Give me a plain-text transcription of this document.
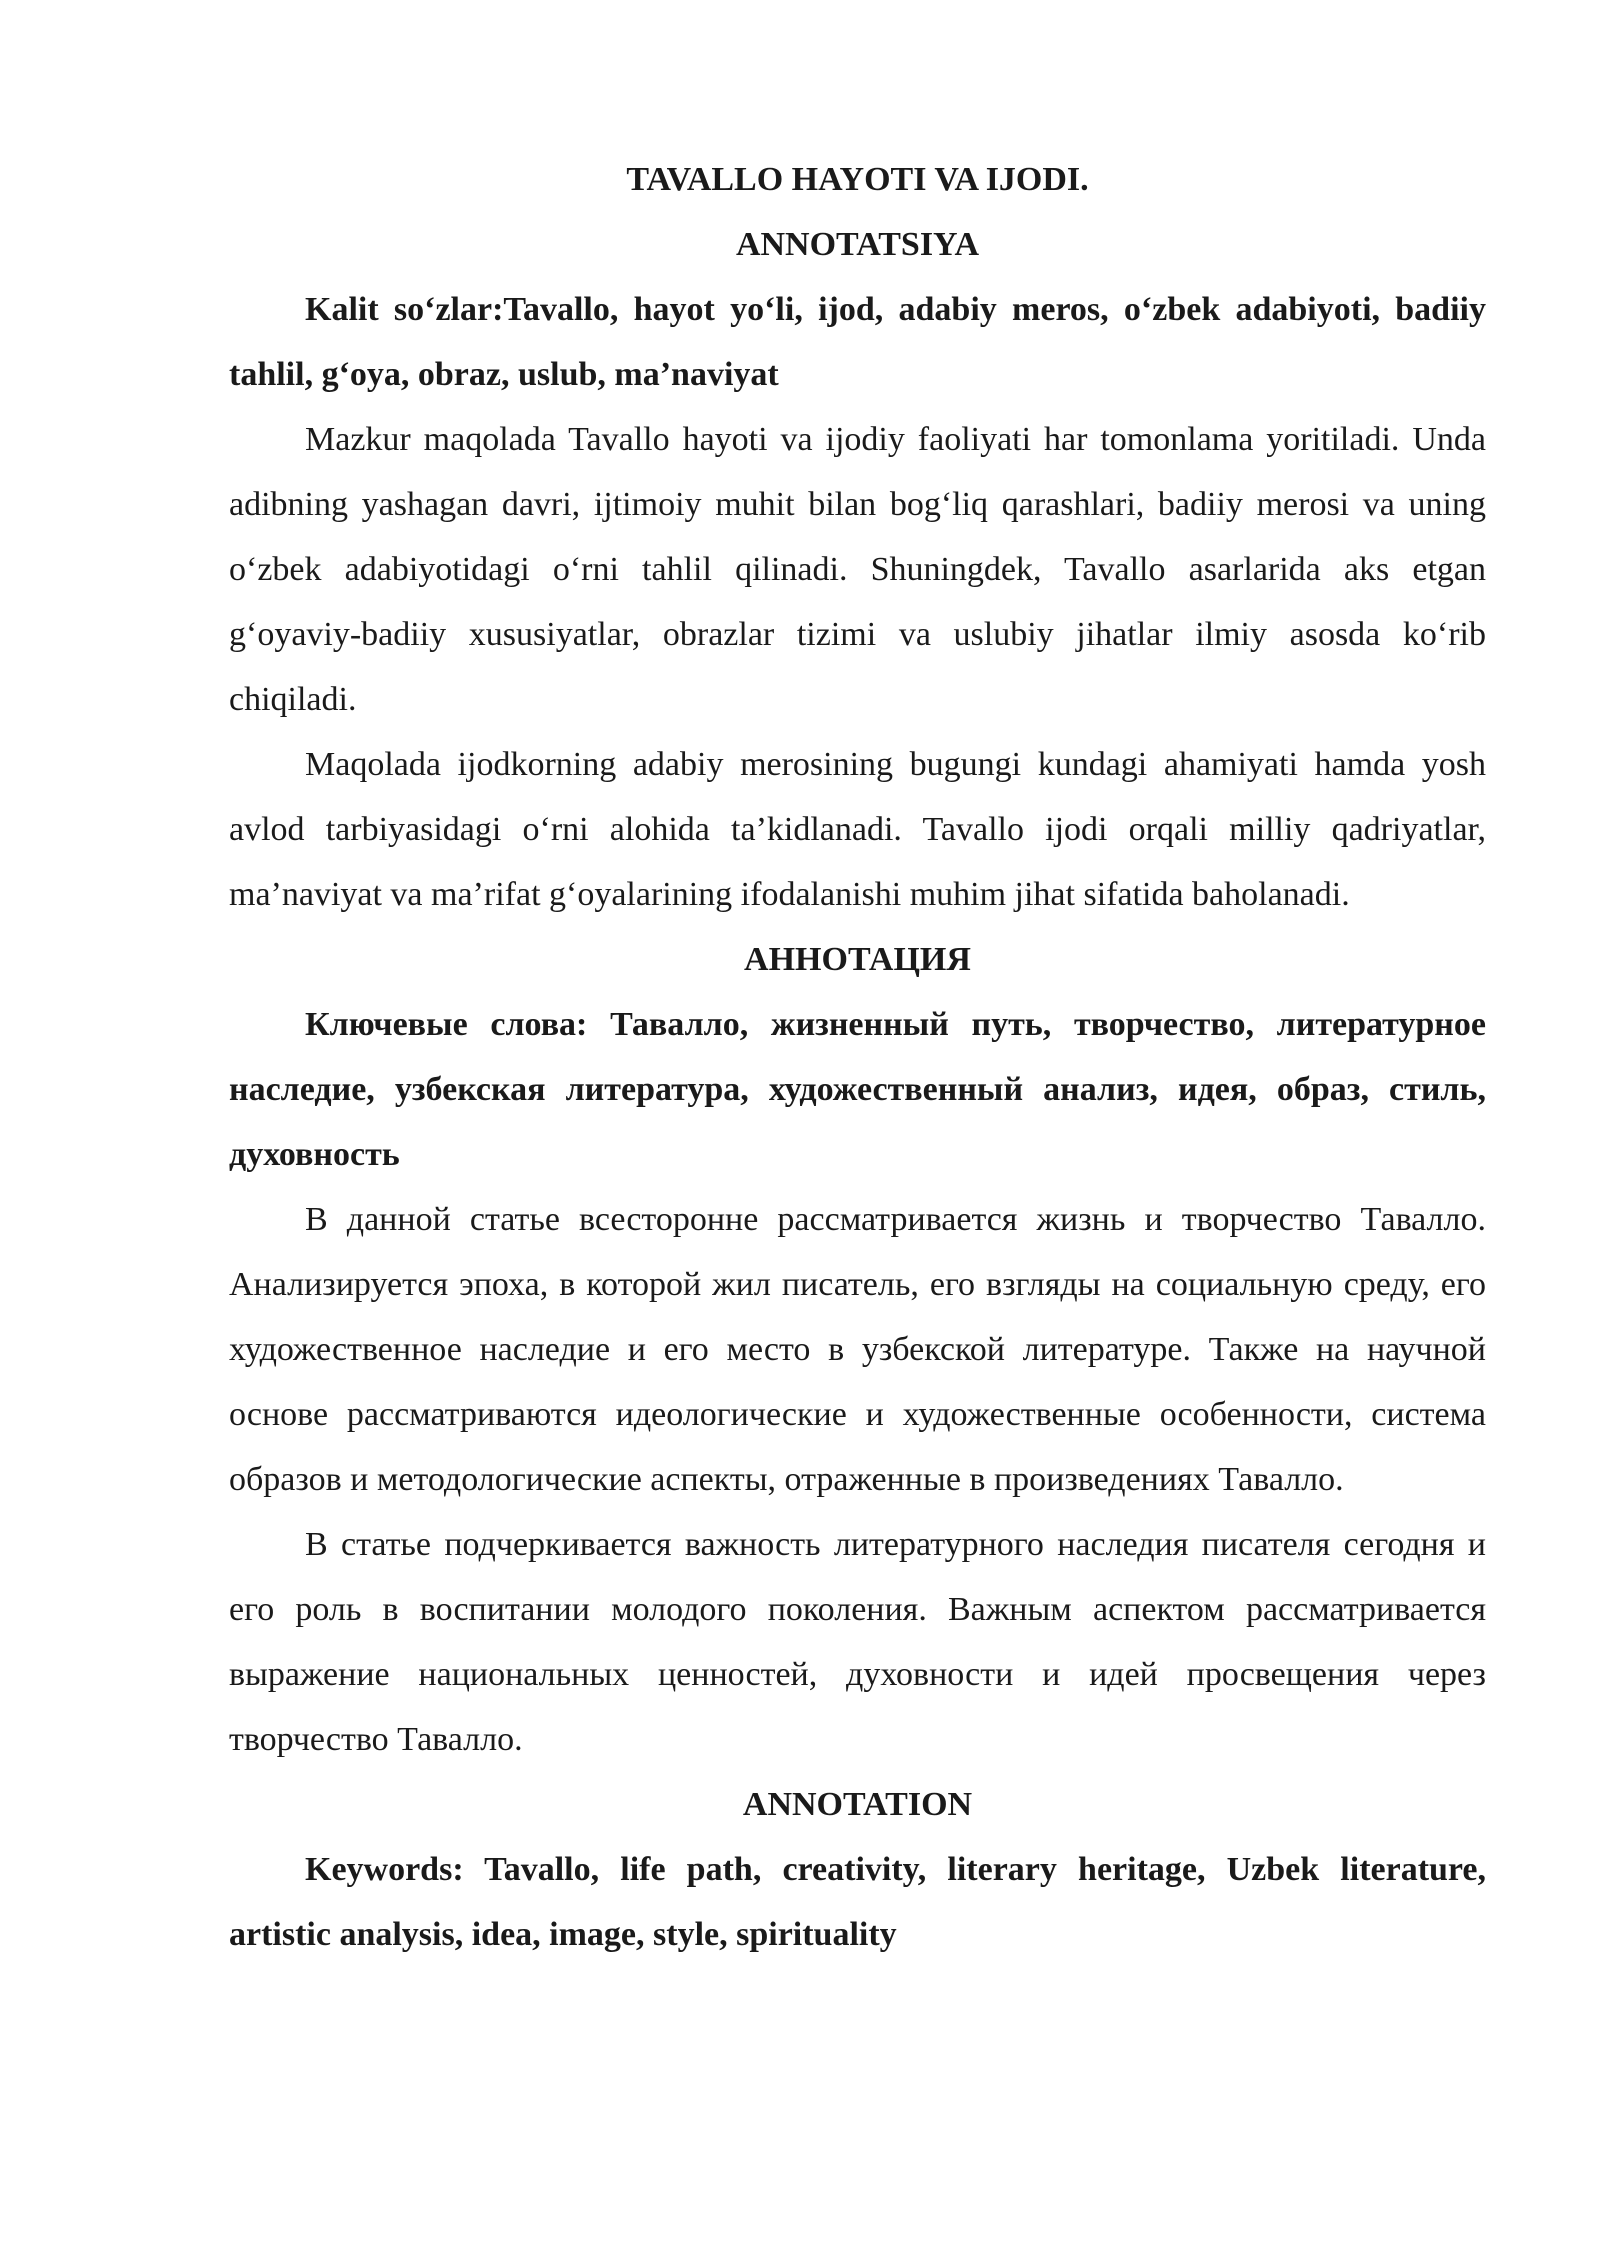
TAVALLO HAYOTI VA IJODI.

ANNOTATSIYA

Kalit so‘zlar:Tavallo, hayot yo‘li, ijod, adabiy meros, o‘zbek adabiyoti, badiiy tahlil, g‘oya, obraz, uslub, ma’naviyat

Mazkur maqolada Tavallo hayoti va ijodiy faoliyati har tomonlama yoritiladi. Unda adibning yashagan davri, ijtimoiy muhit bilan bog‘liq qarashlari, badiiy merosi va uning o‘zbek adabiyotidagi o‘rni tahlil qilinadi. Shuningdek, Tavallo asarlarida aks etgan g‘oyaviy-badiiy xususiyatlar, obrazlar tizimi va uslubiy jihatlar ilmiy asosda ko‘rib chiqiladi.

Maqolada ijodkorning adabiy merosining bugungi kundagi ahamiyati hamda yosh avlod tarbiyasidagi o‘rni alohida ta’kidlanadi. Tavallo ijodi orqali milliy qadriyatlar, ma’naviyat va ma’rifat g‘oyalarining ifodalanishi muhim jihat sifatida baholanadi.

АННОТАЦИЯ

Ключевые слова: Тавалло, жизненный путь, творчество, литературное наследие, узбекская литература, художественный анализ, идея, образ, стиль, духовность

В данной статье всесторонне рассматривается жизнь и творчество Тавалло. Анализируется эпоха, в которой жил писатель, его взгляды на социальную среду, его художественное наследие и его место в узбекской литературе. Также на научной основе рассматриваются идеологические и художественные особенности, система образов и методологические аспекты, отраженные в произведениях Тавалло.

В статье подчеркивается важность литературного наследия писателя сегодня и его роль в воспитании молодого поколения. Важным аспектом рассматривается выражение национальных ценностей, духовности и идей просвещения через творчество Тавалло.

ANNOTATION

Keywords: Tavallo, life path, creativity, literary heritage, Uzbek literature, artistic analysis, idea, image, style, spirituality
